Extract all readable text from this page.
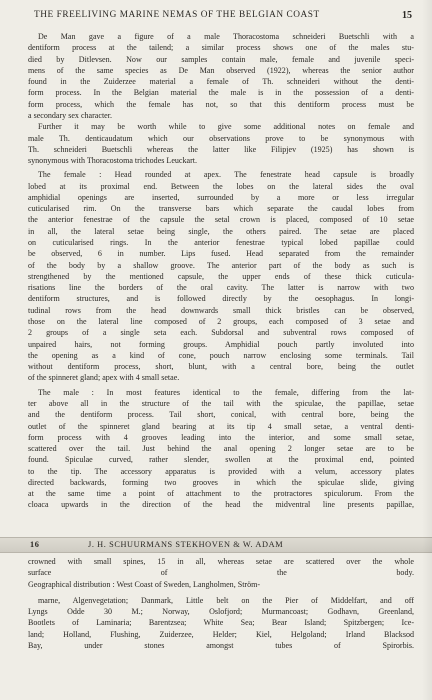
THE FREELIVING MARINE NEMAS OF THE BELGIAN COAST	15
De Man gave a figure of a male Thoracostoma schneideri Buetschli with a
dentiform process at the tailend; a similar process shows one of the males stu-
died by Ditlevsen. Now our samples contain male, female and juvenile speci-
mens of the same species as De Man observed (1922), whereas the senior author
found in the Zuiderzee material a female of Th. schneideri without the denti-
form process. In the Belgian material the male is in the possession of a denti-
form process, which the female has not, so that this dentiform process must be
a secondary sex character.
Further it may be worth while to give some additional notes on female and
male Th. denticaudatum which our observations prove to be synonymous with
Th. schneideri Buetschli whereas the latter like Filipjev (1925) has shown is
synonymous with Thoracostoma trichodes Leuckart.
The female : Head rounded at apex. The fenestrate head capsule is broadly
lobed at its proximal end. Between the lobes on the lateral sides the oval
amphidial openings are inserted, surrounded by a more or less irregular
cuticularised rim. On the transverse bars which separate the caudal lobes from
the anterior fenestrae of the capsule the setal crown is placed, composed of 10 setae
in all, the lateral setae being single, the others paired. The setae are placed
on cuticularised rings. In the anterior fenestrae typical lobed papillae could
be observed, 6 in number. Lips fused. Head separated from the remainder
of the body by a shallow groove. The anterior part of the body as such is
strengthened by the mentioned capsule, the upper ends of these thick cuticula-
risations line the borders of the oral cavity. The latter is narrow with two
dentiform structures, and is followed directly by the oesophagus. In longi-
tudinal rows from the head downwards small thick bristles can be observed,
those on the lateral line composed of 2 groups, each composed of 3 setae and
2 groups of a single seta each. Subdorsal and subventral rows composed of
unpaired hairs, not forming groups. Amphidial pouch partly involuted into
the opening as a kind of cone, pouch narrow enclosing some terminals. Tail
without dentiform process, short, blunt, with a central bore, being the outlet
of the spinneret gland; apex with 4 small setae.
The male : In most features identical to the female, differing from the lat-
ter above all in the structure of the tail with the spiculae, the papillae, setae
and the dentiform process. Tail short, conical, with central bore, being the
outlet of the spinneret gland bearing at its tip 4 small setae, a ventral denti-
form process with 4 grooves leading into the interior, and some small setae,
scattered over the tail. Just behind the anal opening 2 longer setae are to be
found. Spiculae curved, rather slender, swollen at the proximal end, pointed
to the tip. The accessory apparatus is provided with a velum, accessory plates
directed backwards, forming two grooves in which the spiculae slide, giving
at the same time a point of attachment to the protractores spiculorum. From the
cloaca upwards in the direction of the head the midventral line presents papillae,
crowned with small spines, 15 in all, whereas setae are scattered over the whole
surface of the body.
Geographical distribution : West Coast of Sweden, Langholmen, Ström-
marne, Algenvegetation; Danmark, Little belt on the Pier of Middelfart, and off
Lyngs Odde 30 M.; Norway, Oslofjord; Murmancoast; Godhavn, Greenland,
Bootlets of Laminaria; Barentzsea; White Sea; Bear Island; Spitzbergen; Ice-
land; Holland, Flushing, Zuiderzee, Helder; Kiel, Helgoland; Irland Blacksod
Bay, under stones amongst tubes of Spirorbis.
16	J. H. SCHUURMANS STEKHOVEN & W. ADAM
